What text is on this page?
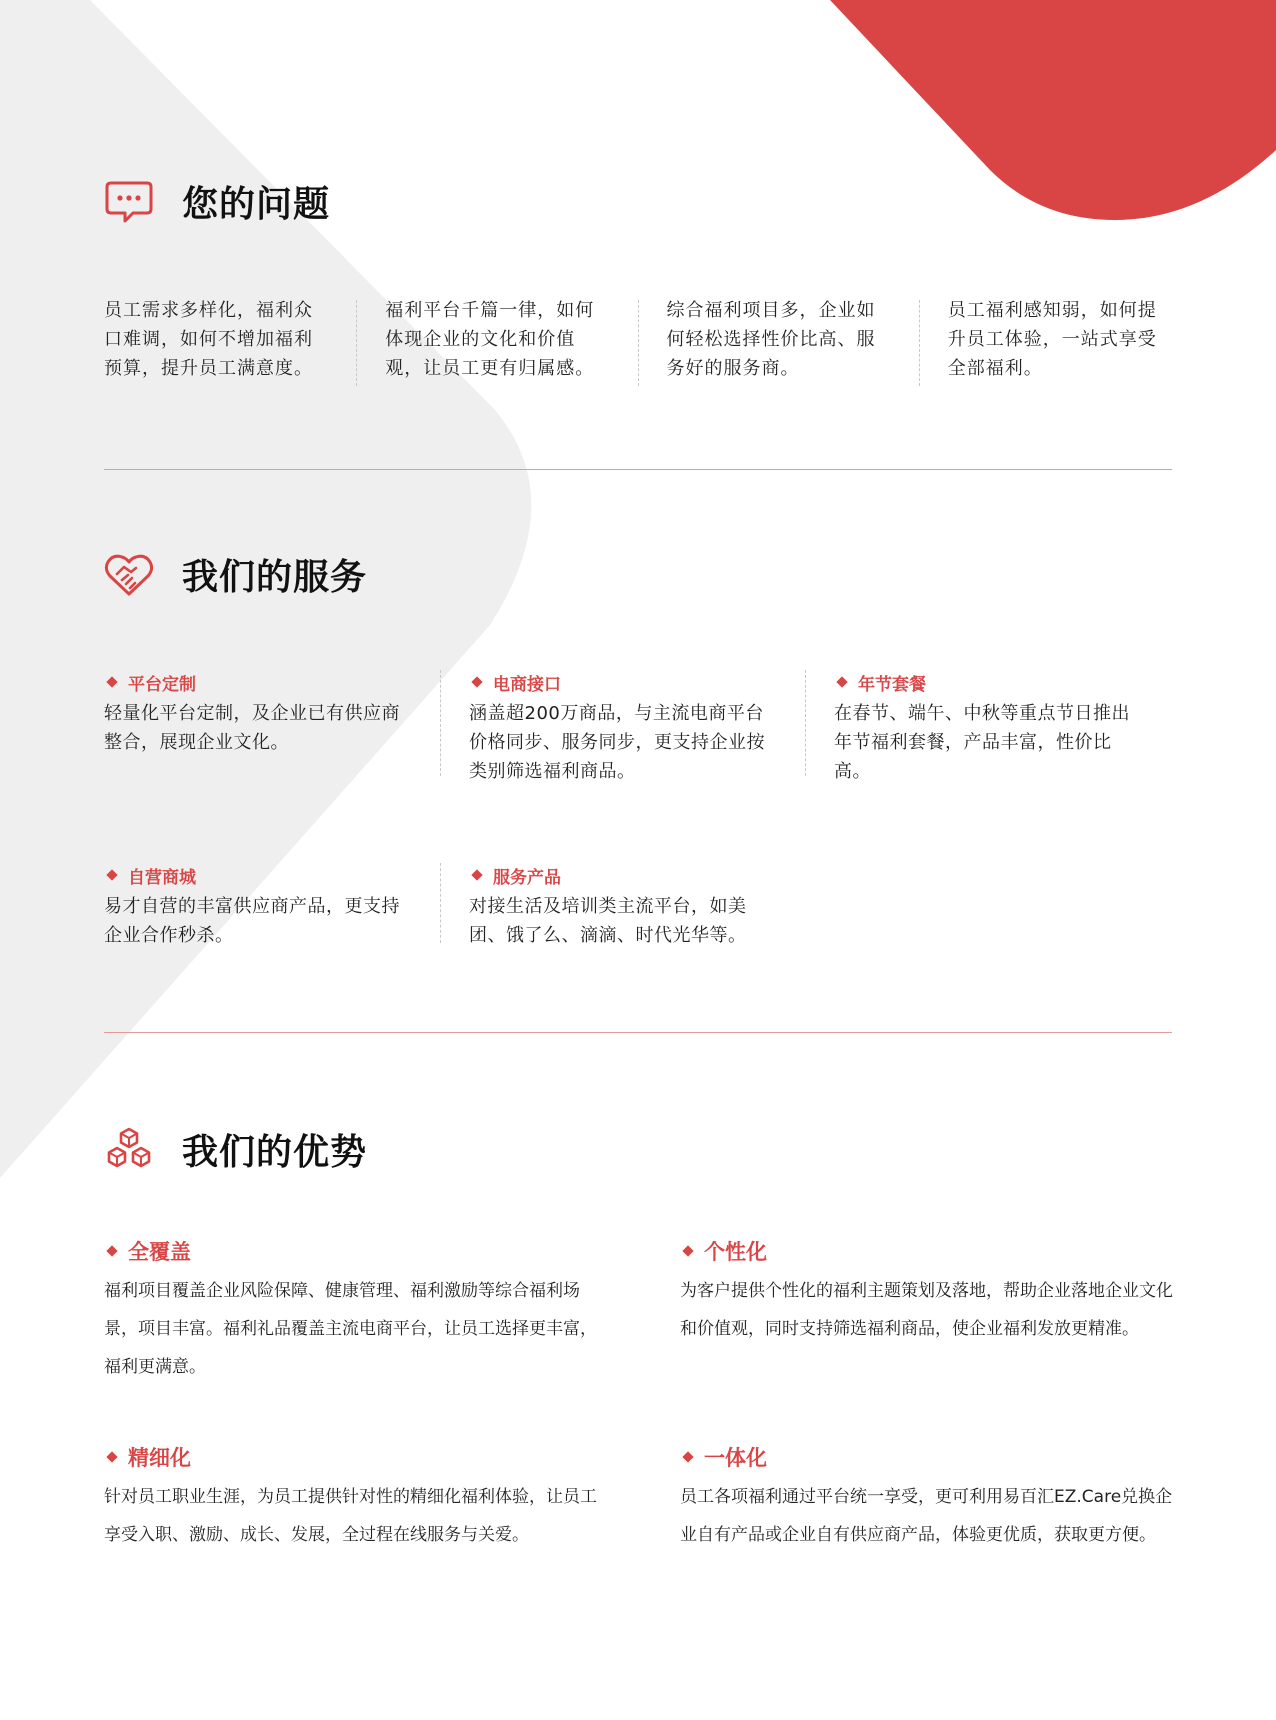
您的问题
员工需求多样化，福利众口难调，如何不增加福利预算，提升员工满意度。
福利平台千篇一律，如何体现企业的文化和价值观，让员工更有归属感。
综合福利项目多，企业如何轻松选择性价比高、服务好的服务商。
员工福利感知弱，如何提升员工体验，一站式享受全部福利。
我们的服务
平台定制
轻量化平台定制，及企业已有供应商整合，展现企业文化。
电商接口
涵盖超200万商品，与主流电商平台价格同步、服务同步，更支持企业按类别筛选福利商品。
年节套餐
在春节、端午、中秋等重点节日推出年节福利套餐，产品丰富，性价比高。
自营商城
易才自营的丰富供应商产品，更支持企业合作秒杀。
服务产品
对接生活及培训类主流平台，如美团、饿了么、滴滴、时代光华等。
我们的优势
全覆盖
福利项目覆盖企业风险保障、健康管理、福利激励等综合福利场景，项目丰富。福利礼品覆盖主流电商平台，让员工选择更丰富，福利更满意。
个性化
为客户提供个性化的福利主题策划及落地，帮助企业落地企业文化和价值观，同时支持筛选福利商品，使企业福利发放更精准。
精细化
针对员工职业生涯，为员工提供针对性的精细化福利体验，让员工享受入职、激励、成长、发展，全过程在线服务与关爱。
一体化
员工各项福利通过平台统一享受，更可利用易百汇EZ.Care兑换企业自有产品或企业自有供应商产品，体验更优质，获取更方便。
